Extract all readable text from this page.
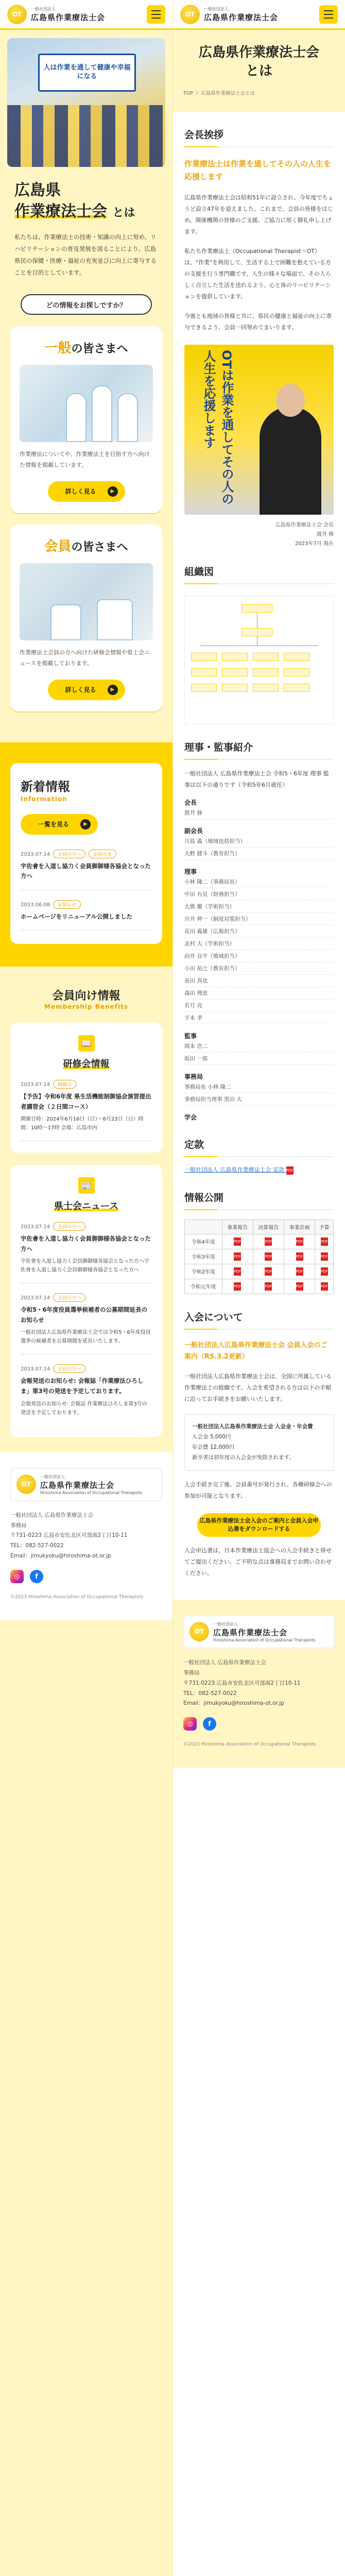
OT
一般社団法人
広島県作業療法士会
人は作業を通して健康や幸福になる
広島県
作業療法士会 とは

私たちは、作業療法士の技術・知識の向上に努め、リハビリテーションの普及発展を図ることにより、広島県民の保健・医療・福祉の充実並びに向上に寄与することを目的としています。

どの情報をお探しですか？
一般の皆さまへ

作業療法についてや、作業療法士を目指す方へ向けた情報を掲載しています。

詳しく見る	▶
会員の皆さまへ

作業療法士会員の方へ向けた研修会情報や県士会ニュースを掲載しております。

詳しく見る	▶
新着情報
Information
一覧を見る	▶
2023.07.14 会員の方へ	お知らせ
宇佐會を入道し協力く会員御御様各協会となった方へ
2023.06.08 お知らせ
ホームページをリニューアル公開しました
会員向け情報
Membership Benefits
📖
研修会情報
2023.07.14 研修会
【予告】令和6年度 県生活機能制御協会演習提出者講習会（２日間コース）
開催日時：2024年6月16日（日）・6月23日（日）時間：10時〜17時 会場：広島市内
📰
県士会ニュース
2023.07.14 会員の方へ
宇佐會を入道し協力く会員御御様各協会となった方へ
宇佐會を入道し協力く会員御御様各協会となった方へ宇佐會を入道し協力く会員御御様各協会となった方へ
2023.07.14 会員の方へ
令和5・6年度役員選挙候補者の公募期間延長のお知らせ
一般社団法人広島県作業療法士会では令和5・6年度役員選挙の候補者を公募期間を延長いたします。
2023.07.14 会員の方へ
会報発送のお知らせ: 会報誌「作業療法ひろしま」第3号の発送を予定しております。
会報発送のお知らせ: 会報誌 作業療法ひろしま第3号の発送を予定しております。
OT
一般社団法人
広島県作業療法士会
Hiroshima Association of Occupational Therapists
一般社団法人 広島県作業療法士会
事務局
〒731-0223 広島市安佐北区可部南2丁目10-11
TEL：082-527-0022
Email：jimukyoku@hiroshima-ot.or.jp
◎	f
©2023 Hiroshima Association of Occupational Therapists
OT
一般社団法人
広島県作業療法士会
広島県作業療法士会
とは
TOP ＞ 広島県作業療法士会とは
会長挨拶
作業療法士は作業を通してその人の人生を応援します

広島県作業療法士会は昭和51年に設立され、今年度でちょうど設立47年を迎えました。これまで、会員の皆様をはじめ、関係機関の皆様のご支援、ご協力に厚く御礼申し上げます。

私たち作業療法士（Occupational Therapist＝OT）は、"作業"を利用して、生活する上で困難を抱えている方の支援を行う専門職です。人生の様々な場面で、その人らしく自立した生活を送れるよう、心と体のリハビリテーションを提供しています。

今後とも地域の皆様と共に、県民の健康と福祉の向上に寄与できるよう、会員一同努めてまいります。

OTは作業を通してその人の人生を応援します
広島県作業療法士会 会長
渡井 修
2023年7月 現在
組織図
理事・監事紹介

一般社団法人 広島県作業療法士会 令和5・6年度 理事 監事は以下の通りです（令和5年6月就任）

会長
渡井 修
副会長
川島 義（地域包括担当）
大野 健斗（教育担当）
理事
小林 隆二（事務局長）
中田 有見（財務担当）
大熊 徹（学術担当）
川井 伸一（制度対策担当）
花田 義雄（広報担当）
北村 大（学術担当）
向井 良平（地域担当）
小田 裕之（教育担当）
長田 真也
森田 理恵
若月 亮
平本 孝
監事
岡本 浩二
坂田 一郎
事務局
事務局長 小林 隆二
事務局担当理事 黒田 大
学会
定款
一般社団法人 広島県作業療法士会 定款 PDF
情報公開
	事業報告	決算報告	事業計画	予算
令和4年度	PDF	PDF	PDF	PDF
令和3年度	PDF	PDF	PDF	PDF
令和2年度	PDF	PDF	PDF	PDF
令和元年度	PDF	PDF	PDF	PDF
入会について
一般社団法人広島県作業療法士会 会員入会のご案内（R5.3.2更新）

一般社団法人広島県作業療法士会は、全国に所属している作業療法士の組織です。入会を希望される方は以下の手順に沿ってお手続きをお願いいたします。

一般社団法人広島県作業療法士会 入会金・年会費
入会金 5,000円
年会費 12,000円
新卒者は初年度の入会金が免除されます。

入会手続き完了後、会員番号が発行され、各種研修会への参加が可能となります。

広島県作業療法士会入会のご案内と会員入会申込書をダウンロードする

入会申込書は、日本作業療法士協会への入会手続きと併せてご提出ください。ご不明な点は事務局までお問い合わせください。

OT
一般社団法人
広島県作業療法士会
Hiroshima Association of Occupational Therapists
一般社団法人 広島県作業療法士会
事務局
〒731-0223 広島市安佐北区可部南2丁目10-11
TEL：082-527-0022
Email：jimukyoku@hiroshima-ot.or.jp
◎	f
©2023 Hiroshima Association of Occupational Therapists
